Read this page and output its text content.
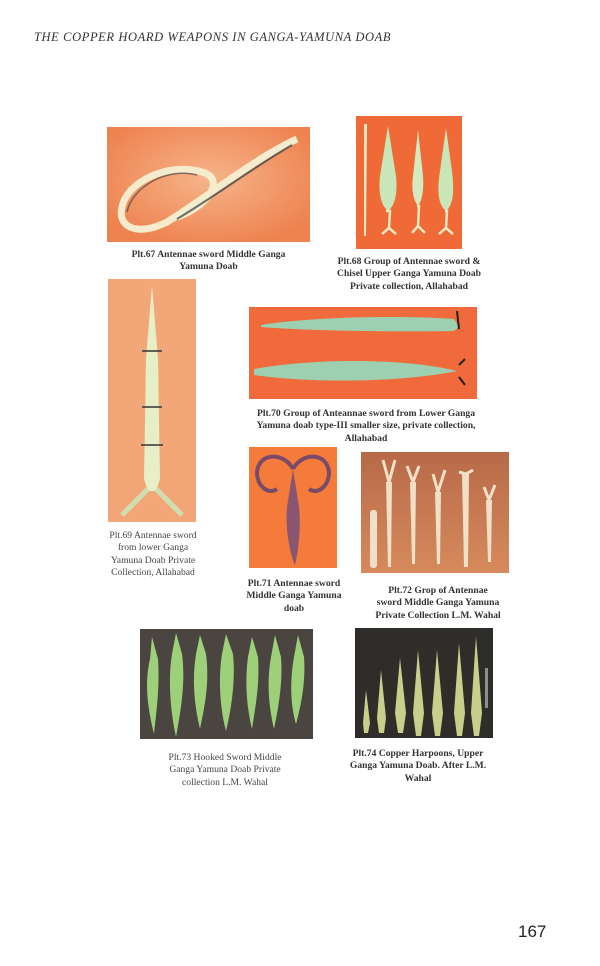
THE COPPER HOARD WEAPONS IN GANGA-YAMUNA DOAB
Plt.67 Antennae sword Middle Ganga
Yamuna Doab	Plt.68 Group of Antennae sword &
Chisel Upper Ganga Yamuna Doab
Private collection, Allahabad
Plt.69 Antennae sword
from lower Ganga
Yamuna Doab Private
Collection, Allahabad
Plt.70 Group of Anteannae sword from Lower Ganga
Yamuna doab type-III smaller size, private collection,
Allahabad
Plt.71 Antennae sword
Middle Ganga Yamuna
doab
Plt.72 Grop of Antennae
sword Middle Ganga Yamuna
Private Collection L.M. Wahal
Plt.73 Hooked Sword Middle
Ganga Yamuna Doab Private
collection L.M. Wahal
Plt.74 Copper Harpoons, Upper
Ganga Yamuna Doab. After L.M.
Wahal
167
